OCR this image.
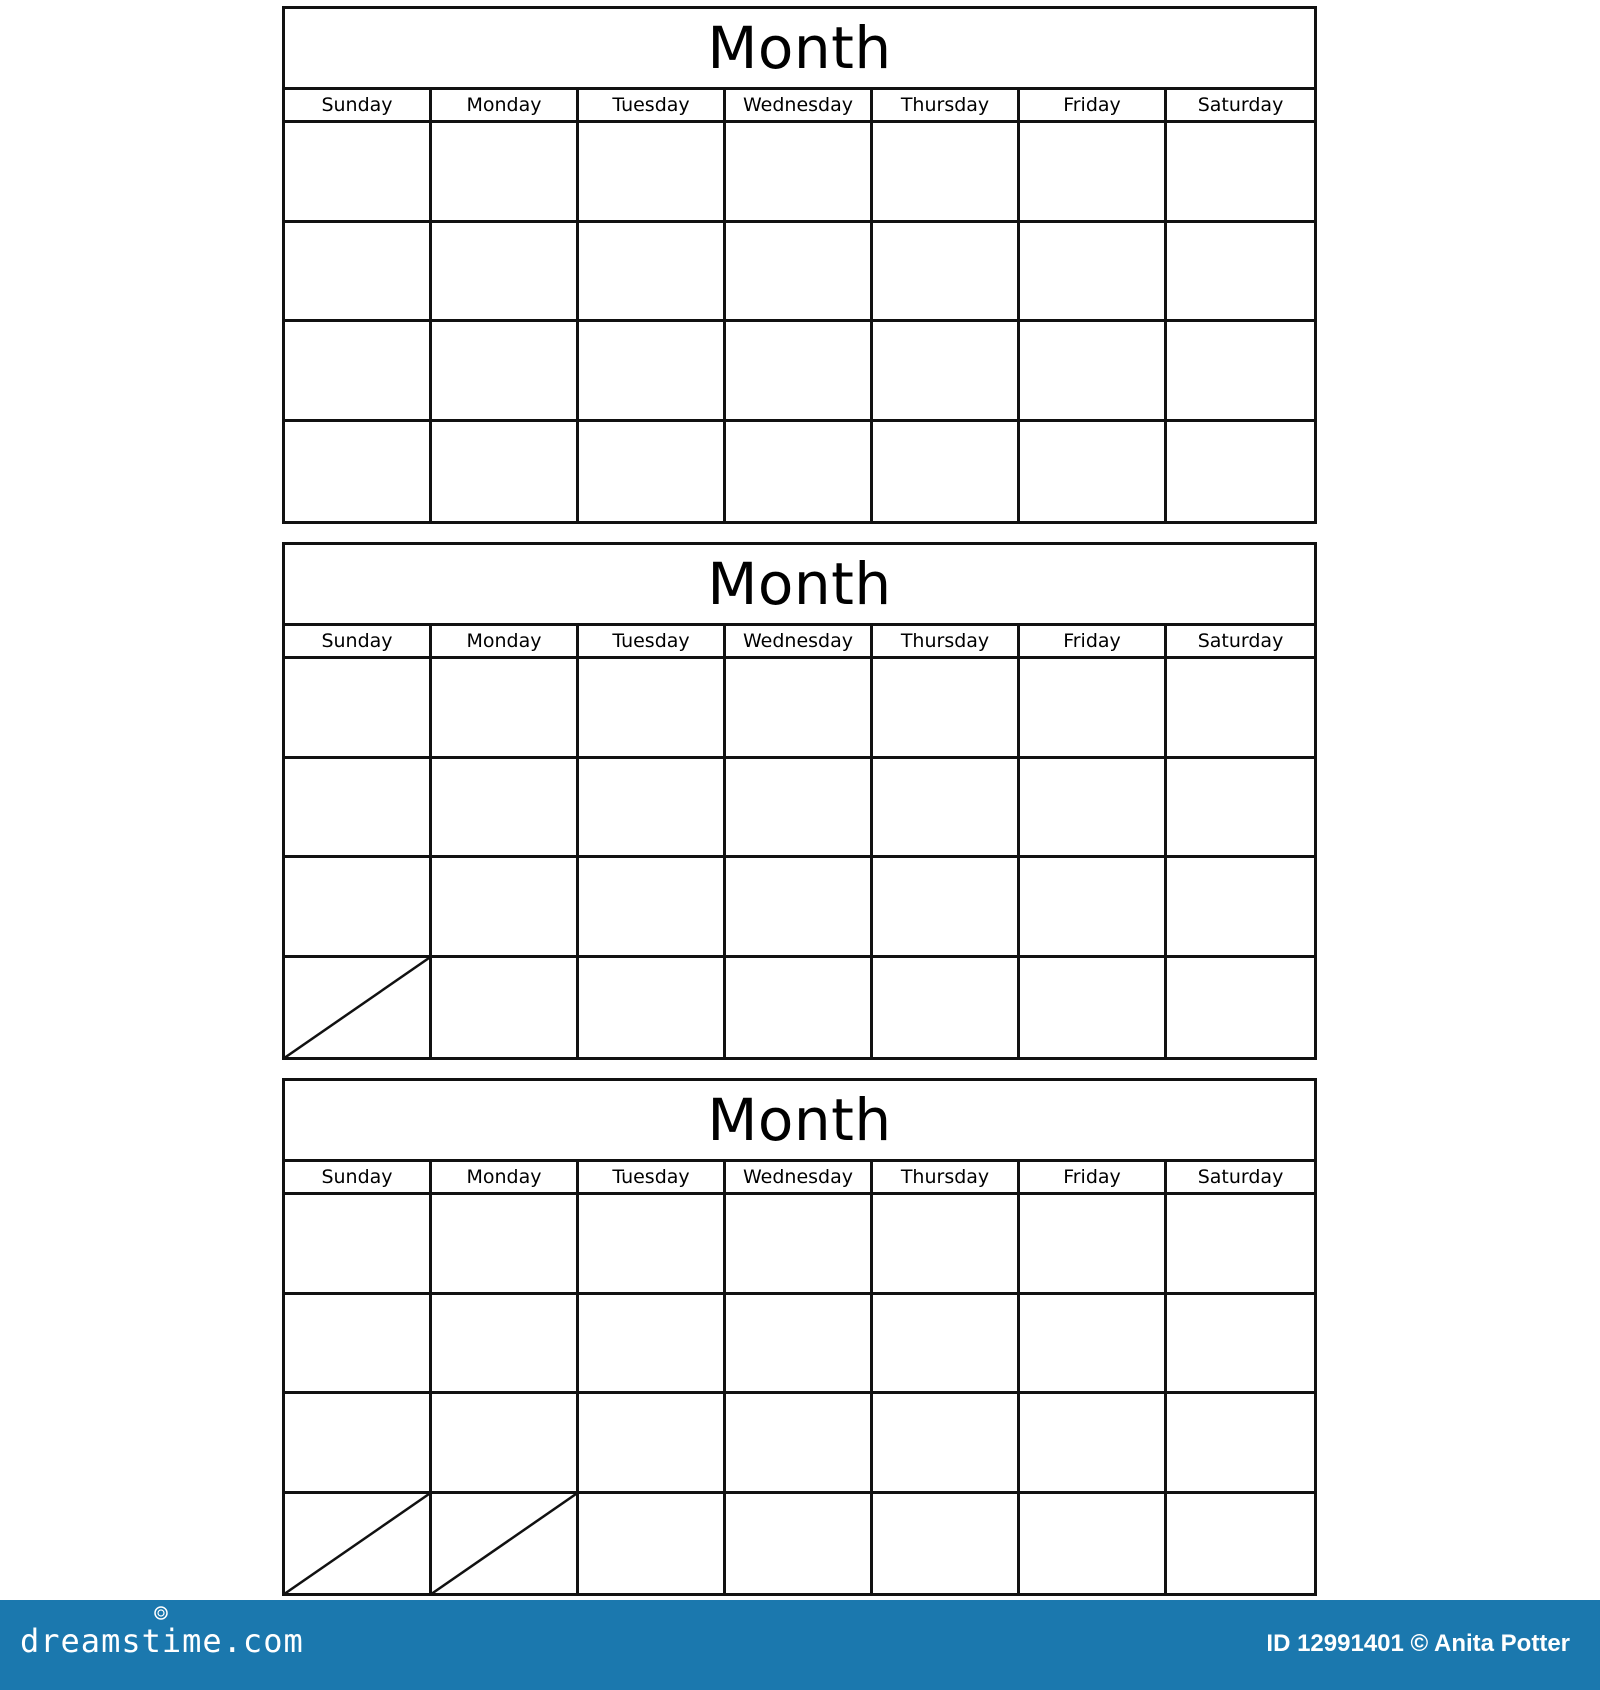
Month
Sunday	Monday	Tuesday	Wednesday	Thursday	Friday	Saturday
Month
Sunday	Monday	Tuesday	Wednesday	Thursday	Friday	Saturday
Month
Sunday	Monday	Tuesday	Wednesday	Thursday	Friday	Saturday
dreamstime.com	ID 12991401 © Anita Potter
